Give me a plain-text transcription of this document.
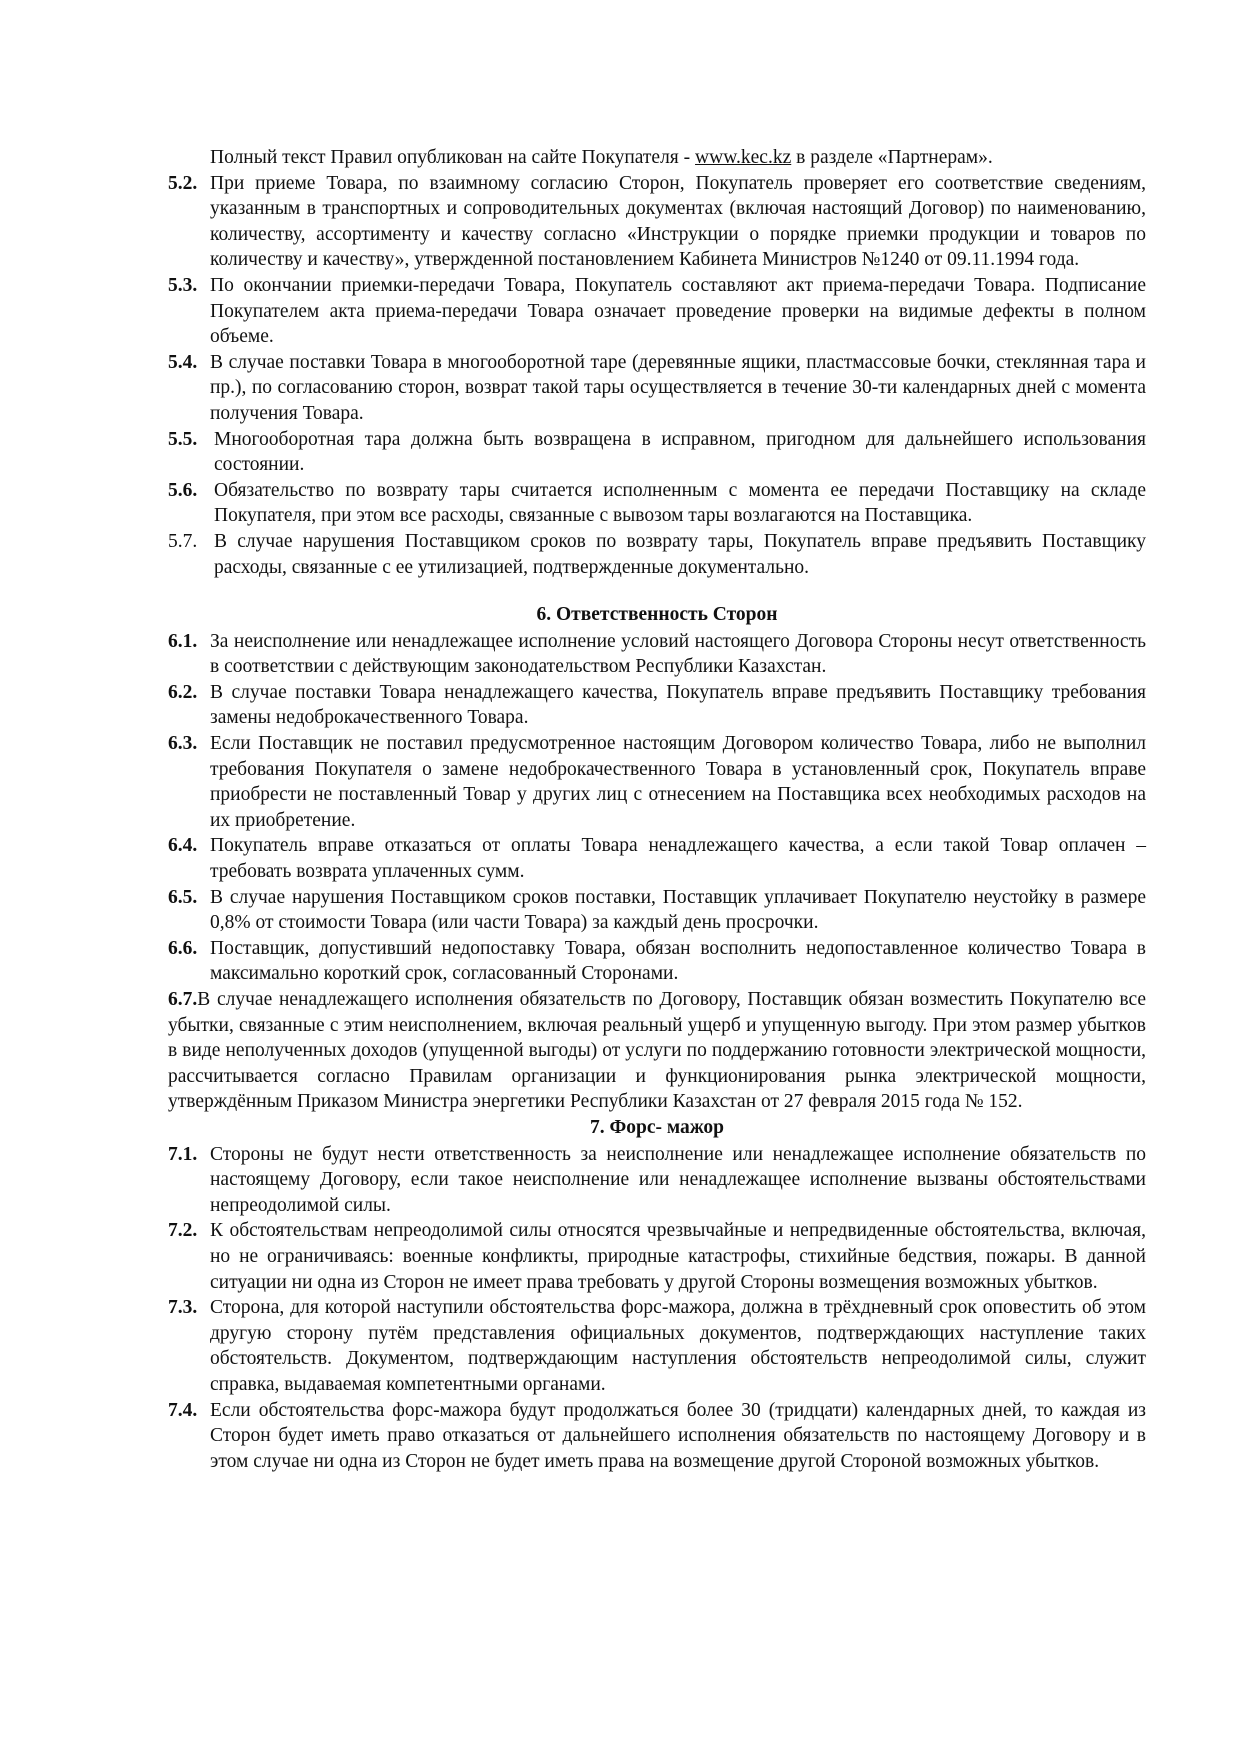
Полный текст Правил опубликован на сайте Покупателя - www.kec.kz в разделе «Партнерам».

5.2. При приеме Товара, по взаимному согласию Сторон, Покупатель проверяет его соответствие сведениям, указанным в транспортных и сопроводительных документах (включая настоящий Договор) по наименованию, количеству, ассортименту и качеству согласно «Инструкции о порядке приемки продукции и товаров по количеству и качеству», утвержденной постановлением Кабинета Министров №1240 от 09.11.1994 года.

5.3. По окончании приемки-передачи Товара, Покупатель составляют акт приема-передачи Товара. Подписание Покупателем акта приема-передачи Товара означает проведение проверки на видимые дефекты в полном объеме.

5.4. В случае поставки Товара в многооборотной таре (деревянные ящики, пластмассовые бочки, стеклянная тара и пр.), по согласованию сторон, возврат такой тары осуществляется в течение 30-ти календарных дней с момента получения Товара.

5.5. Многооборотная тара должна быть возвращена в исправном, пригодном для дальнейшего использования состоянии.

5.6. Обязательство по возврату тары считается исполненным с момента ее передачи Поставщику на складе Покупателя, при этом все расходы, связанные с вывозом тары возлагаются на Поставщика.

5.7. В случае нарушения Поставщиком сроков по возврату тары, Покупатель вправе предъявить Поставщику расходы, связанные с ее утилизацией, подтвержденные документально.

6. Ответственность Сторон

6.1. За неисполнение или ненадлежащее исполнение условий настоящего Договора Стороны несут ответственность в соответствии с действующим законодательством Республики Казахстан.

6.2. В случае поставки Товара ненадлежащего качества, Покупатель вправе предъявить Поставщику требования замены недоброкачественного Товара.

6.3. Если Поставщик не поставил предусмотренное настоящим Договором количество Товара, либо не выполнил требования Покупателя о замене недоброкачественного Товара в установленный срок, Покупатель вправе приобрести не поставленный Товар у других лиц с отнесением на Поставщика всех необходимых расходов на их приобретение.

6.4. Покупатель вправе отказаться от оплаты Товара ненадлежащего качества, а если такой Товар оплачен – требовать возврата уплаченных сумм.

6.5. В случае нарушения Поставщиком сроков поставки, Поставщик уплачивает Покупателю неустойку в размере 0,8% от стоимости Товара (или части Товара) за каждый день просрочки.

6.6. Поставщик, допустивший недопоставку Товара, обязан восполнить недопоставленное количество Товара в максимально короткий срок, согласованный Сторонами.

6.7.В случае ненадлежащего исполнения обязательств по Договору, Поставщик обязан возместить Покупателю все убытки, связанные с этим неисполнением, включая реальный ущерб и упущенную выгоду. При этом размер убытков в виде неполученных доходов (упущенной выгоды) от услуги по поддержанию готовности электрической мощности, рассчитывается согласно Правилам организации и функционирования рынка электрической мощности, утверждённым Приказом Министра энергетики Республики Казахстан от 27 февраля 2015 года № 152.

7. Форс- мажор

7.1. Стороны не будут нести ответственность за неисполнение или ненадлежащее исполнение обязательств по настоящему Договору, если такое неисполнение или ненадлежащее исполнение вызваны обстоятельствами непреодолимой силы.

7.2. К обстоятельствам непреодолимой силы относятся чрезвычайные и непредвиденные обстоятельства, включая, но не ограничиваясь: военные конфликты, природные катастрофы, стихийные бедствия, пожары. В данной ситуации ни одна из Сторон не имеет права требовать у другой Стороны возмещения возможных убытков.

7.3. Сторона, для которой наступили обстоятельства форс-мажора, должна в трёхдневный срок оповестить об этом другую сторону путём представления официальных документов, подтверждающих наступление таких обстоятельств. Документом, подтверждающим наступления обстоятельств непреодолимой силы, служит справка, выдаваемая компетентными органами.

7.4. Если обстоятельства форс-мажора будут продолжаться более 30 (тридцати) календарных дней, то каждая из Сторон будет иметь право отказаться от дальнейшего исполнения обязательств по настоящему Договору и в этом случае ни одна из Сторон не будет иметь права на возмещение другой Стороной возможных убытков.
